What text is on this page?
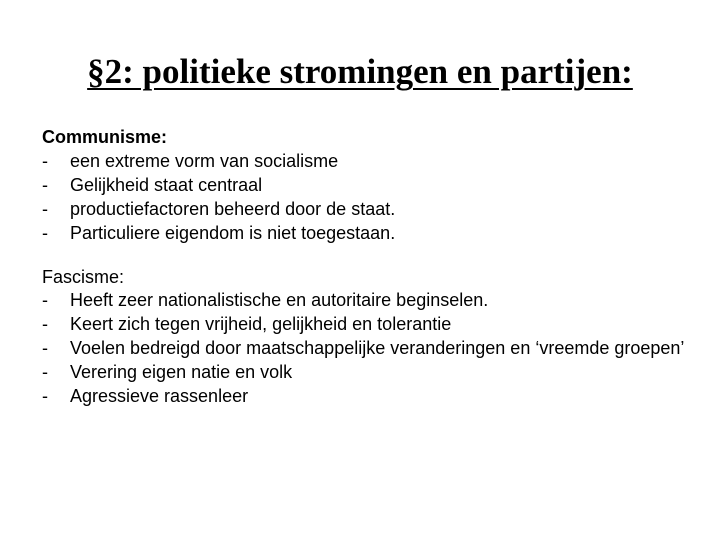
§2: politieke stromingen en partijen:
Communisme:
- een extreme vorm van socialisme
- Gelijkheid staat centraal
- productiefactoren beheerd door de staat.
- Particuliere eigendom is niet toegestaan.
Fascisme:
- Heeft zeer nationalistische en autoritaire beginselen.
- Keert zich tegen vrijheid, gelijkheid en tolerantie
- Voelen bedreigd door maatschappelijke veranderingen en ‘vreemde groepen’
- Verering eigen natie en volk
- Agressieve rassenleer
